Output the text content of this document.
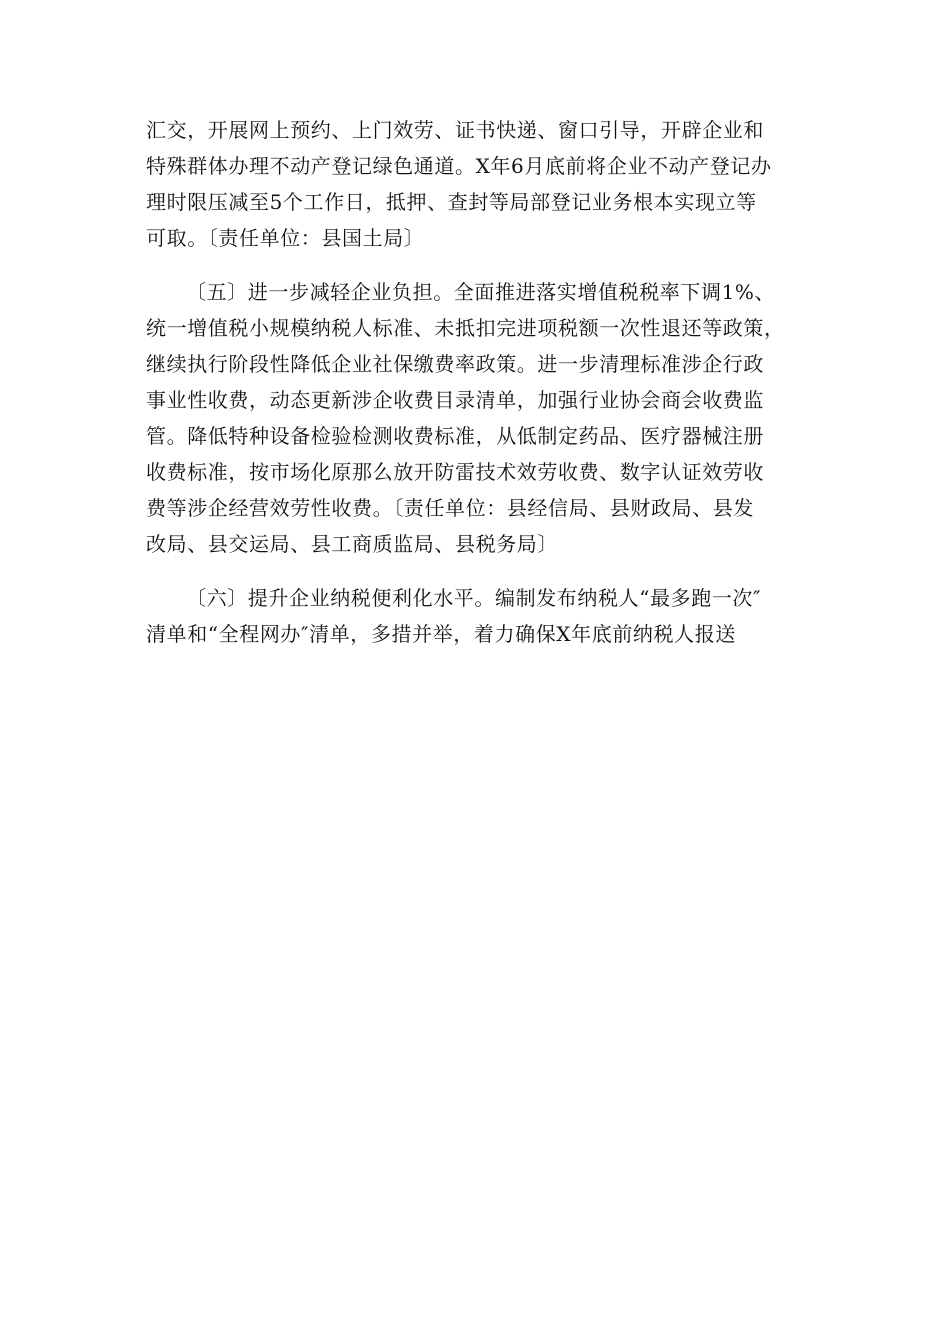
汇交，开展网上预约、上门效劳、证书快递、窗口引导，开辟企业和
特殊群体办理不动产登记绿色通道。X年6月底前将企业不动产登记办
理时限压减至5个工作日，抵押、查封等局部登记业务根本实现立等
可取。〔责任单位：县国土局〕
〔五〕进一步减轻企业负担。全面推进落实增值税税率下调1%、
统一增值税小规模纳税人标准、未抵扣完进项税额一次性退还等政策，
继续执行阶段性降低企业社保缴费率政策。进一步清理标准涉企行政
事业性收费，动态更新涉企收费目录清单，加强行业协会商会收费监
管。降低特种设备检验检测收费标准，从低制定药品、医疗器械注册
收费标准，按市场化原那么放开防雷技术效劳收费、数字认证效劳收
费等涉企经营效劳性收费。〔责任单位：县经信局、县财政局、县发
改局、县交运局、县工商质监局、县税务局〕
〔六〕提升企业纳税便利化水平。编制发布纳税人“最多跑一次″
清单和“全程网办″清单，多措并举，着力确保X年底前纳税人报送
